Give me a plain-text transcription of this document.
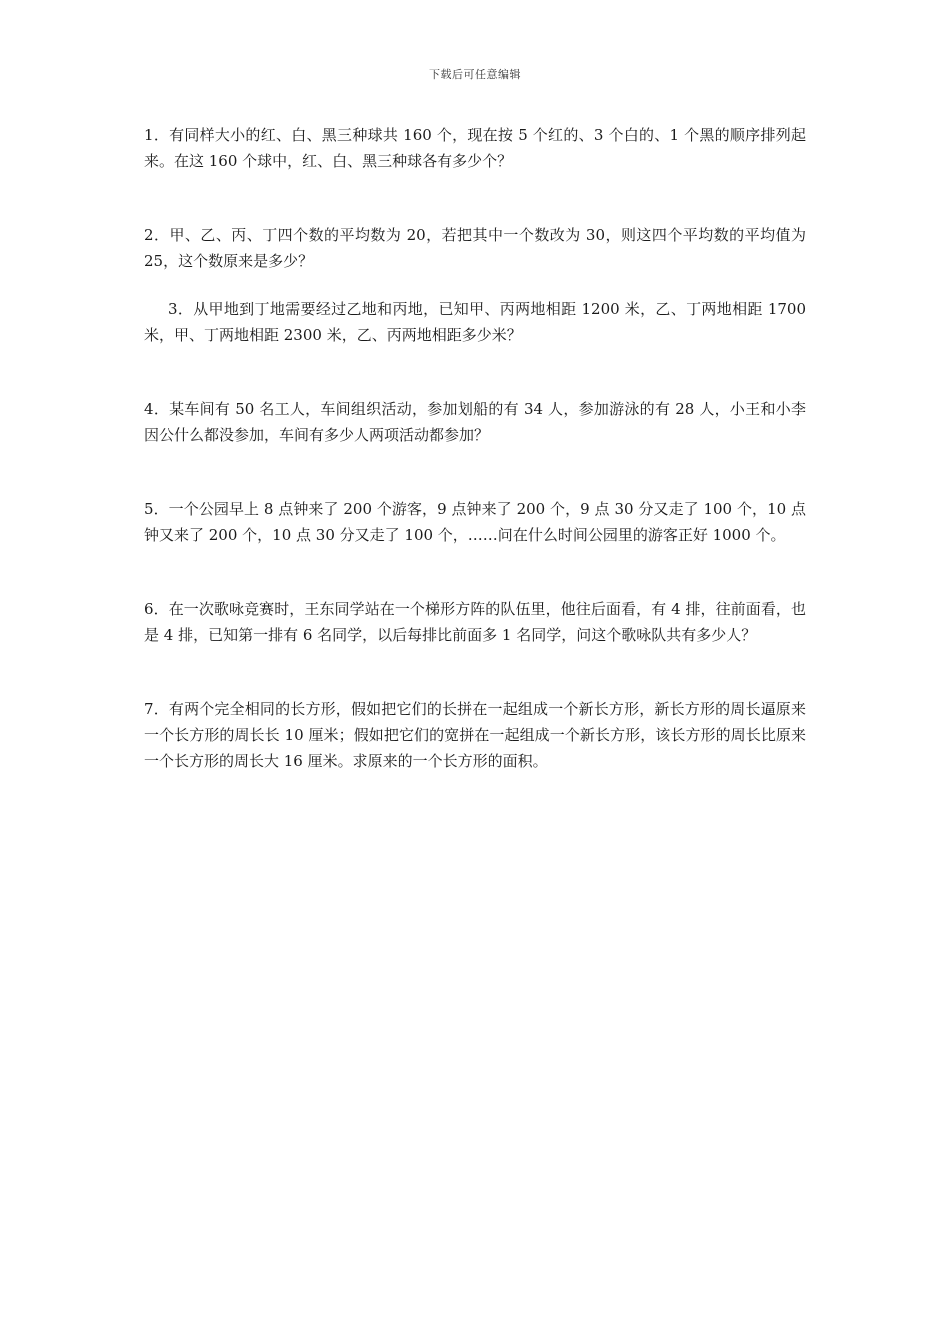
下载后可任意编辑

1．有同样大小的红、白、黑三种球共 160 个，现在按 5 个红的、3 个白的、1 个黑的顺序排列起来。在这 160 个球中，红、白、黑三种球各有多少个？

2．甲、乙、丙、丁四个数的平均数为 20，若把其中一个数改为 30，则这四个平均数的平均值为 25，这个数原来是多少？

3．从甲地到丁地需要经过乙地和丙地，已知甲、丙两地相距 1200 米，乙、丁两地相距 1700 米，甲、丁两地相距 2300 米，乙、丙两地相距多少米？

4．某车间有 50 名工人，车间组织活动，参加划船的有 34 人，参加游泳的有 28 人，小王和小李因公什么都没参加，车间有多少人两项活动都参加？

5．一个公园早上 8 点钟来了 200 个游客，9 点钟来了 200 个，9 点 30 分又走了 100 个，10 点钟又来了 200 个，10 点 30 分又走了 100 个，……问在什么时间公园里的游客正好 1000 个。

6．在一次歌咏竞赛时，王东同学站在一个梯形方阵的队伍里，他往后面看，有 4 排，往前面看，也是 4 排，已知第一排有 6 名同学，以后每排比前面多 1 名同学，问这个歌咏队共有多少人？

7．有两个完全相同的长方形，假如把它们的长拼在一起组成一个新长方形，新长方形的周长逼原来一个长方形的周长长 10 厘米；假如把它们的宽拼在一起组成一个新长方形，该长方形的周长比原来一个长方形的周长大 16 厘米。求原来的一个长方形的面积。
